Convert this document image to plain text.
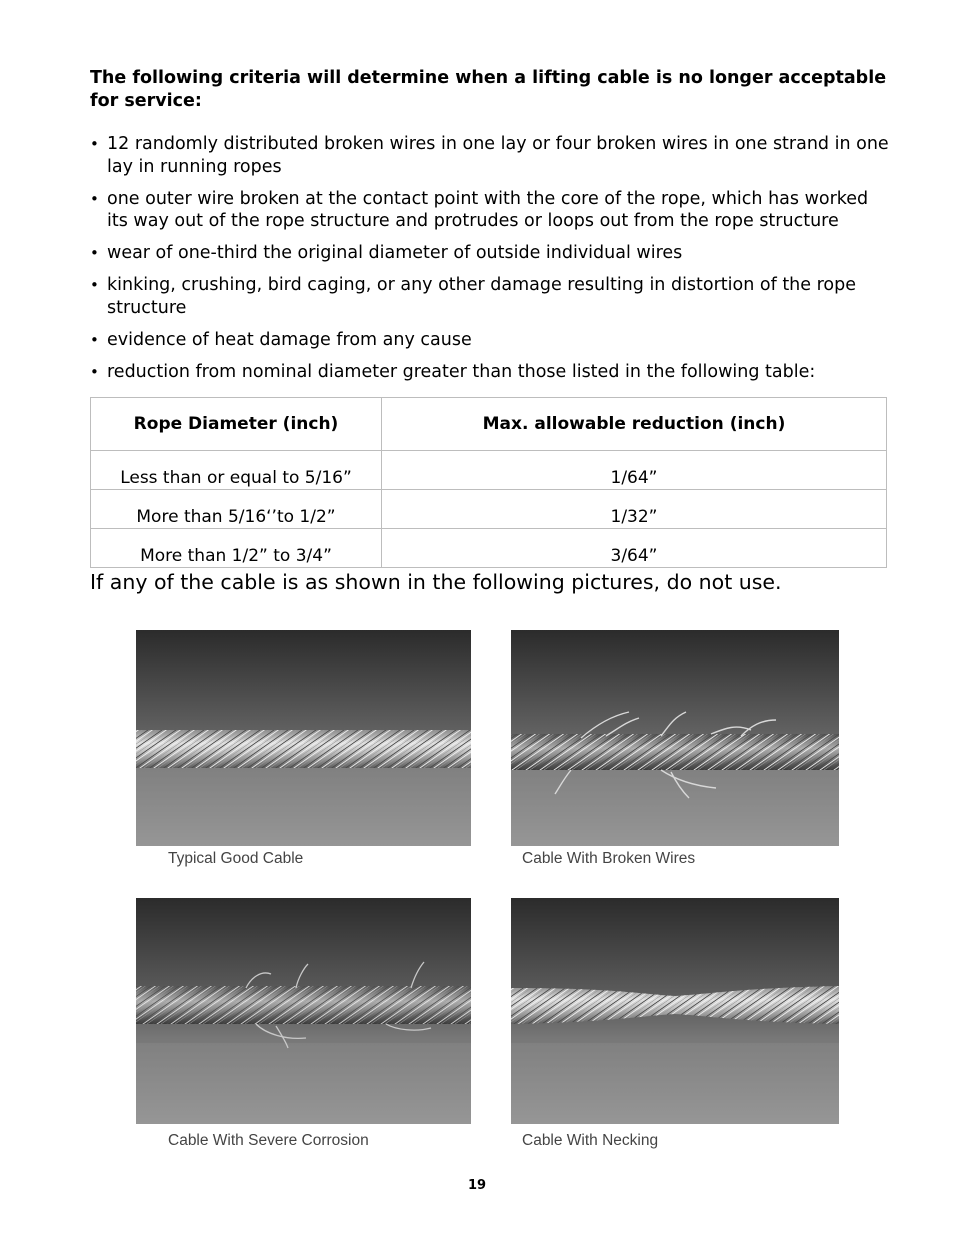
The following criteria will determine when a lifting cable is no longer acceptable for service:

• 12 randomly distributed broken wires in one lay or four broken wires in one strand in one lay in running ropes
• one outer wire broken at the contact point with the core of the rope, which has worked its way out of the rope structure and protrudes or loops out from the rope structure
• wear of one-third the original diameter of outside individual wires
• kinking, crushing, bird caging, or any other damage resulting in distortion of the rope structure
• evidence of heat damage from any cause
• reduction from nominal diameter greater than those listed in the following table:
Rope Diameter (inch)	Max. allowable reduction (inch)
Less than or equal to 5/16”	1/64”
More than 5/16‘’to 1/2”	1/32”
More than 1/2” to 3/4”	3/64”

If any of the cable is as shown in the following pictures, do not use.

Typical Good Cable	Cable With Broken Wires
Cable With Severe Corrosion	Cable With Necking
19
